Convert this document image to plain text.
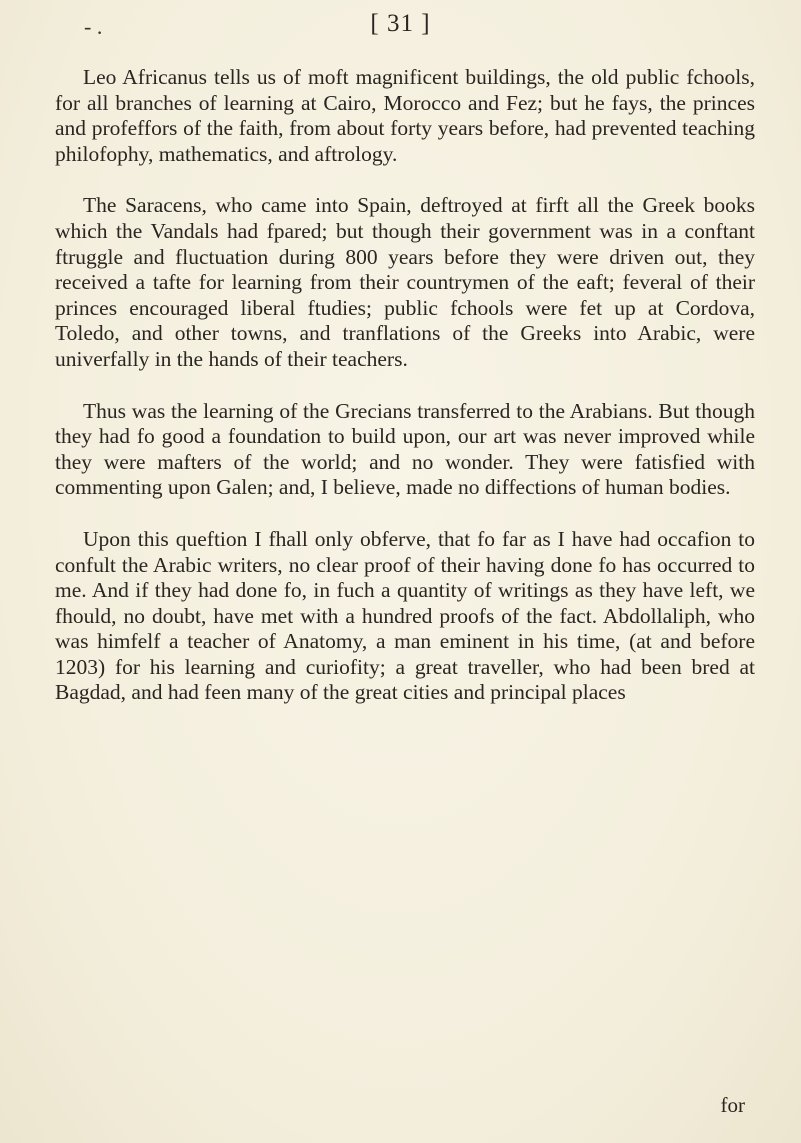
- .	[ 31 ]

Leo Africanus tells us of moft magnificent buildings, the old public fchools, for all branches of learning at Cairo, Morocco and Fez; but he fays, the princes and profeffors of the faith, from about forty years before, had prevented teaching philofophy, mathematics, and aftrology.

The Saracens, who came into Spain, deftroyed at firft all the Greek books which the Vandals had fpared; but though their government was in a conftant ftruggle and fluctuation during 800 years before they were driven out, they received a tafte for learning from their countrymen of the eaft; feveral of their princes encouraged liberal ftudies; public fchools were fet up at Cordova, Toledo, and other towns, and tranflations of the Greeks into Arabic, were univerfally in the hands of their teachers.

Thus was the learning of the Grecians transferred to the Arabians. But though they had fo good a foundation to build upon, our art was never improved while they were mafters of the world; and no wonder. They were fatisfied with commenting upon Galen; and, I believe, made no diffections of human bodies.

Upon this queftion I fhall only obferve, that fo far as I have had occafion to confult the Arabic writers, no clear proof of their having done fo has occurred to me. And if they had done fo, in fuch a quantity of writings as they have left, we fhould, no doubt, have met with a hundred proofs of the fact. Abdollaliph, who was himfelf a teacher of Anatomy, a man eminent in his time, (at and before 1203) for his learning and curiofity; a great traveller, who had been bred at Bagdad, and had feen many of the great cities and principal places

for
